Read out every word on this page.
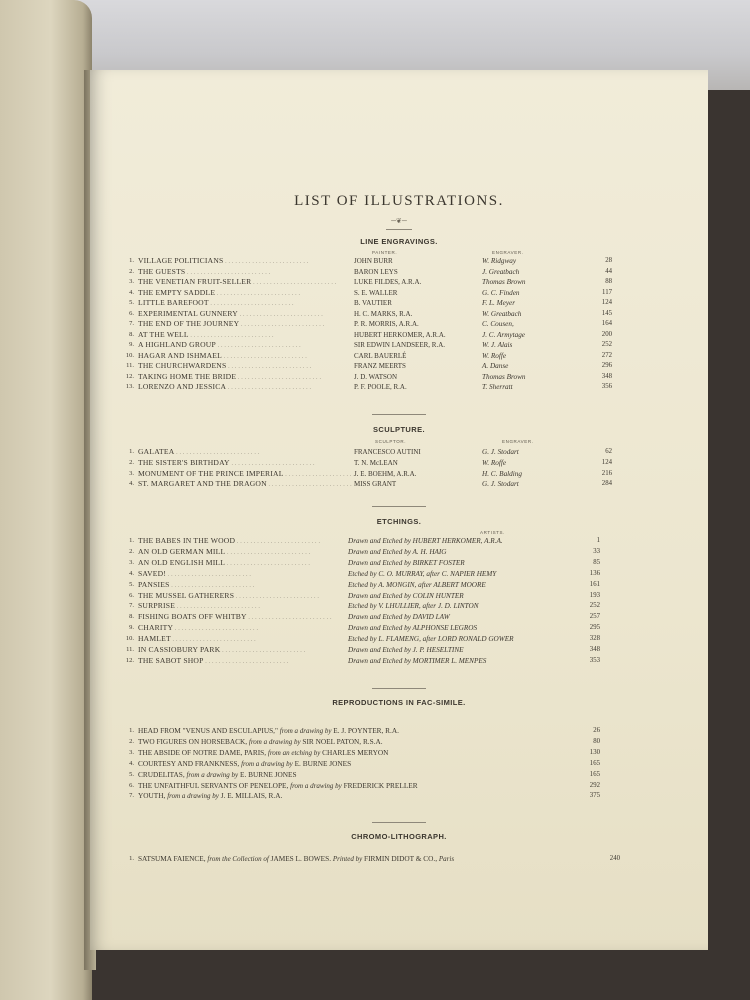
LIST OF ILLUSTRATIONS.
─❦─
LINE ENGRAVINGS.
PAINTER.	ENGRAVER.
1. VILLAGE POLITICIANS . . .	JOHN BURR	W. Ridgway	28
2. THE GUESTS . . .	BARON LEYS	J. Greatbach	44
3. THE VENETIAN FRUIT-SELLER . . .	LUKE FILDES, A.R.A.	Thomas Brown	88
4. THE EMPTY SADDLE . . .	S. E. WALLER	G. C. Finden	117
5. LITTLE BAREFOOT . . .	B. VAUTIER	F. L. Meyer	124
6. EXPERIMENTAL GUNNERY . . .	H. C. MARKS, R.A.	W. Greatbach	145
7. THE END OF THE JOURNEY . . .	P. R. MORRIS, A.R.A.	C. Cousen,	164
8. AT THE WELL . . .	HUBERT HERKOMER, A.R.A.	J. C. Armytage	200
9. A HIGHLAND GROUP . . .	SIR EDWIN LANDSEER, R.A.	W. J. Alais	252
10. HAGAR AND ISHMAEL . . .	CARL BAUERLÉ	W. Roffe	272
11. THE CHURCHWARDENS . . .	FRANZ MEERTS	A. Danse	296
12. TAKING HOME THE BRIDE . . .	J. D. WATSON	Thomas Brown	348
13. LORENZO AND JESSICA . . .	P. F. POOLE, R.A.	T. Sherratt	356
SCULPTURE.
SCULPTOR.	ENGRAVER.
1. GALATEA . . .	FRANCESCO AUTINI	G. J. Stodart	62
2. THE SISTER'S BIRTHDAY . . .	T. N. McLEAN	W. Roffe	124
3. MONUMENT OF THE PRINCE IMPERIAL . . .	J. E. BOEHM, A.R.A.	H. C. Balding	216
4. ST. MARGARET AND THE DRAGON . . .	MISS GRANT	G. J. Stodart	284
ETCHINGS.
ARTISTS.
1. THE BABES IN THE WOOD . . .	Drawn and Etched by HUBERT HERKOMER, A.R.A.	1
2. AN OLD GERMAN MILL . . .	Drawn and Etched by A. H. HAIG	33
3. AN OLD ENGLISH MILL . . .	Drawn and Etched by BIRKET FOSTER	85
4. SAVED! . . .	Etched by C. O. MURRAY, after C. NAPIER HEMY	136
5. PANSIES . . .	Etched by A. MONGIN, after ALBERT MOORE	161
6. THE MUSSEL GATHERERS . . .	Drawn and Etched by COLIN HUNTER	193
7. SURPRISE . . .	Etched by V. LHULLIER, after J. D. LINTON	252
8. FISHING BOATS OFF WHITBY . . .	Drawn and Etched by DAVID LAW	257
9. CHARITY . . .	Drawn and Etched by ALPHONSE LEGROS	295
10. HAMLET . . .	Etched by L. FLAMENG, after LORD RONALD GOWER	328
11. IN CASSIOBURY PARK . . .	Drawn and Etched by J. P. HESELTINE	348
12. THE SABOT SHOP . . .	Drawn and Etched by MORTIMER L. MENPES	353
REPRODUCTIONS IN FAC-SIMILE.
1. HEAD FROM "VENUS AND ESCULAPIUS," from a drawing by E. J. POYNTER, R.A.	26
2. TWO FIGURES ON HORSEBACK, from a drawing by SIR NOEL PATON, R.S.A.	80
3. THE ABSIDE OF NOTRE DAME, PARIS, from an etching by CHARLES MERYON	130
4. COURTESY AND FRANKNESS, from a drawing by E. BURNE JONES	165
5. CRUDELITAS, from a drawing by E. BURNE JONES	165
6. THE UNFAITHFUL SERVANTS OF PENELOPE, from a drawing by FREDERICK PRELLER	292
7. YOUTH, from a drawing by J. E. MILLAIS, R.A.	375
CHROMO-LITHOGRAPH.
1. SATSUMA FAIENCE, from the Collection of JAMES L. BOWES. Printed by FIRMIN DIDOT & CO., Paris	240
